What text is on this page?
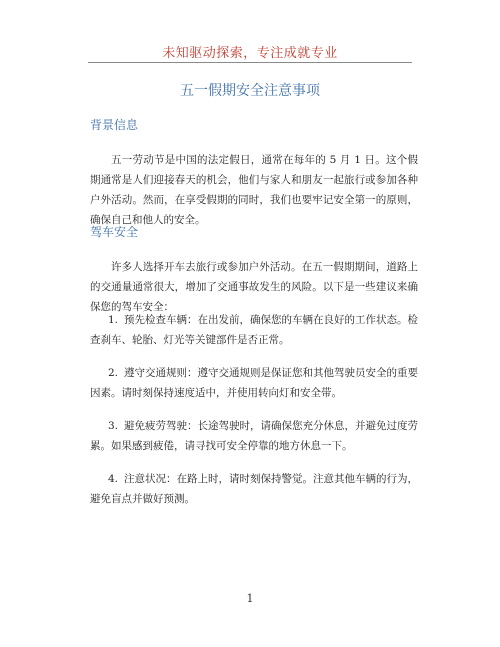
未知驱动探索，专注成就专业
五一假期安全注意事项
背景信息
五一劳动节是中国的法定假日，通常在每年的 5 月 1 日。这个假期通常是人们迎接春天的机会，他们与家人和朋友一起旅行或参加各种户外活动。然而，在享受假期的同时，我们也要牢记安全第一的原则，确保自己和他人的安全。
驾车安全
许多人选择开车去旅行或参加户外活动。在五一假期期间，道路上的交通量通常很大，增加了交通事故发生的风险。以下是一些建议来确保您的驾车安全：
1. 预先检查车辆：在出发前，确保您的车辆在良好的工作状态。检查刹车、轮胎、灯光等关键部件是否正常。
2. 遵守交通规则：遵守交通规则是保证您和其他驾驶员安全的重要因素。请时刻保持速度适中，并使用转向灯和安全带。
3. 避免疲劳驾驶：长途驾驶时，请确保您充分休息，并避免过度劳累。如果感到疲倦，请寻找可安全停靠的地方休息一下。
4. 注意状况：在路上时，请时刻保持警觉。注意其他车辆的行为，避免盲点并做好预测。
1
